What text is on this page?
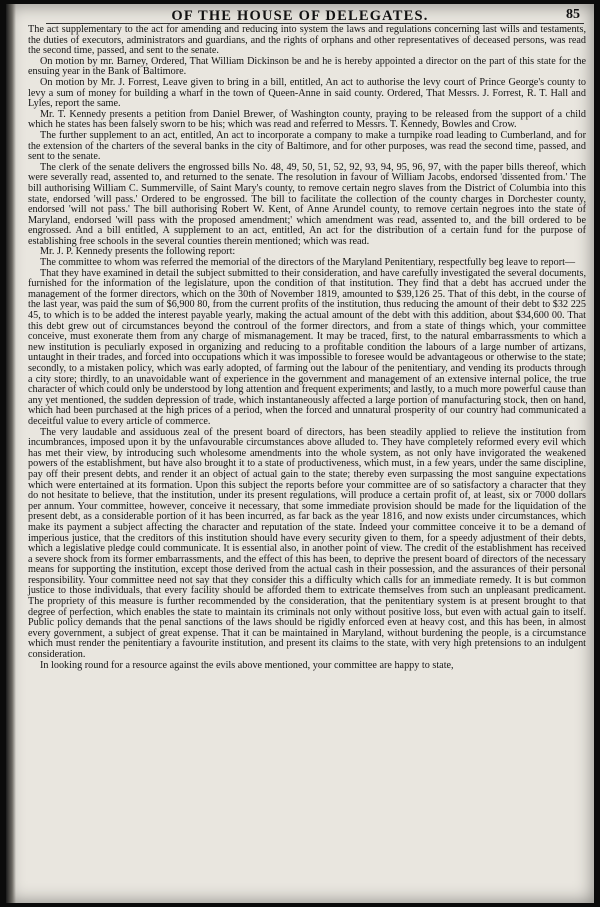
OF THE HOUSE OF DELEGATES.	85

The act supplementary to the act for amending and reducing into system the laws and regulations concerning last wills and testaments, the duties of executors, administrators and guardians, and the rights of orphans and other representatives of deceased persons, was read the second time, passed, and sent to the senate.

On motion by mr. Barney, Ordered, That William Dickinson be and he is hereby appointed a director on the part of this state for the ensuing year in the Bank of Baltimore.

On motion by Mr. J. Forrest, Leave given to bring in a bill, entitled, An act to authorise the levy court of Prince George's county to levy a sum of money for building a wharf in the town of Queen-Anne in said county. Ordered, That Messrs. J. Forrest, R. T. Hall and Lyles, report the same.

Mr. T. Kennedy presents a petition from Daniel Brewer, of Washington county, praying to be released from the support of a child which he states has been falsely sworn to be his; which was read and referred to Messrs. T. Kennedy, Bowles and Crow.

The further supplement to an act, entitled, An act to incorporate a company to make a turnpike road leading to Cumberland, and for the extension of the charters of the several banks in the city of Baltimore, and for other purposes, was read the second time, passed, and sent to the senate.

The clerk of the senate delivers the engrossed bills No. 48, 49, 50, 51, 52, 92, 93, 94, 95, 96, 97, with the paper bills thereof, which were severally read, assented to, and returned to the senate. The resolution in favour of William Jacobs, endorsed 'dissented from.' The bill authorising William C. Summerville, of Saint Mary's county, to remove certain negro slaves from the District of Columbia into this state, endorsed 'will pass.' Ordered to be engrossed. The bill to facilitate the collection of the county charges in Dorchester county, endorsed 'will not pass.' The bill authorising Robert W. Kent, of Anne Arundel county, to remove certain negroes into the state of Maryland, endorsed 'will pass with the proposed amendment;' which amendment was read, assented to, and the bill ordered to be engrossed. And a bill entitled, A supplement to an act, entitled, An act for the distribution of a certain fund for the purpose of establishing free schools in the several counties therein mentioned; which was read.

Mr. J. P. Kennedy presents the following report:

The committee to whom was referred the memorial of the directors of the Maryland Penitentiary, respectfully beg leave to report—

That they have examined in detail the subject submitted to their consideration, and have carefully investigated the several documents, furnished for the information of the legislature, upon the condition of that institution. They find that a debt has accrued under the management of the former directors, which on the 30th of November 1819, amounted to $39,126 25. That of this debt, in the course of the last year, was paid the sum of $6,900 80, from the current profits of the institution, thus reducing the amount of their debt to $32 225 45, to which is to be added the interest payable yearly, making the actual amount of the debt with this addition, about $34,600 00. That this debt grew out of circumstances beyond the controul of the former directors, and from a state of things which, your committee conceive, must exonerate them from any charge of mismanagement. It may be traced, first, to the natural embarrassments to which a new institution is peculiarly exposed in organizing and reducing to a profitable condition the labours of a large number of artizans, untaught in their trades, and forced into occupations which it was impossible to foresee would be advantageous or otherwise to the state; secondly, to a mistaken policy, which was early adopted, of farming out the labour of the penitentiary, and vending its products through a city store; thirdly, to an unavoidable want of experience in the government and management of an extensive internal police, the true character of which could only be understood by long attention and frequent experiments; and lastly, to a much more powerful cause than any yet mentioned, the sudden depression of trade, which instantaneously affected a large portion of manufacturing stock, then on hand, which had been purchased at the high prices of a period, when the forced and unnatural prosperity of our country had communicated a deceitful value to every article of commerce.

The very laudable and assiduous zeal of the present board of directors, has been steadily applied to relieve the institution from incumbrances, imposed upon it by the unfavourable circumstances above alluded to. They have completely reformed every evil which has met their view, by introducing such wholesome amendments into the whole system, as not only have invigorated the weakened powers of the establishment, but have also brought it to a state of productiveness, which must, in a few years, under the same discipline, pay off their present debts, and render it an object of actual gain to the state; thereby even surpassing the most sanguine expectations which were entertained at its formation. Upon this subject the reports before your committee are of so satisfactory a character that they do not hesitate to believe, that the institution, under its present regulations, will produce a certain profit of, at least, six or 7000 dollars per annum. Your committee, however, conceive it necessary, that some immediate provision should be made for the liquidation of the present debt, as a considerable portion of it has been incurred, as far back as the year 1816, and now exists under circumstances, which make its payment a subject affecting the character and reputation of the state. Indeed your committee conceive it to be a demand of imperious justice, that the creditors of this institution should have every security given to them, for a speedy adjustment of their debts, which a legislative pledge could communicate. It is essential also, in another point of view. The credit of the establishment has received a severe shock from its former embarrassments, and the effect of this has been, to deprive the present board of directors of the necessary means for supporting the institution, except those derived from the actual cash in their possession, and the assurances of their personal responsibility. Your committee need not say that they consider this a difficulty which calls for an immediate remedy. It is but common justice to those individuals, that every facility should be afforded them to extricate themselves from such an unpleasant predicament. The propriety of this measure is further recommended by the consideration, that the penitentiary system is at present brought to that degree of perfection, which enables the state to maintain its criminals not only without positive loss, but even with actual gain to itself. Public policy demands that the penal sanctions of the laws should be rigidly enforced even at heavy cost, and this has been, in almost every government, a subject of great expense. That it can be maintained in Maryland, without burdening the people, is a circumstance which must render the penitentiary a favourite institution, and present its claims to the state, with very high pretensions to an indulgent consideration.

In looking round for a resource against the evils above mentioned, your committee are happy to state,
